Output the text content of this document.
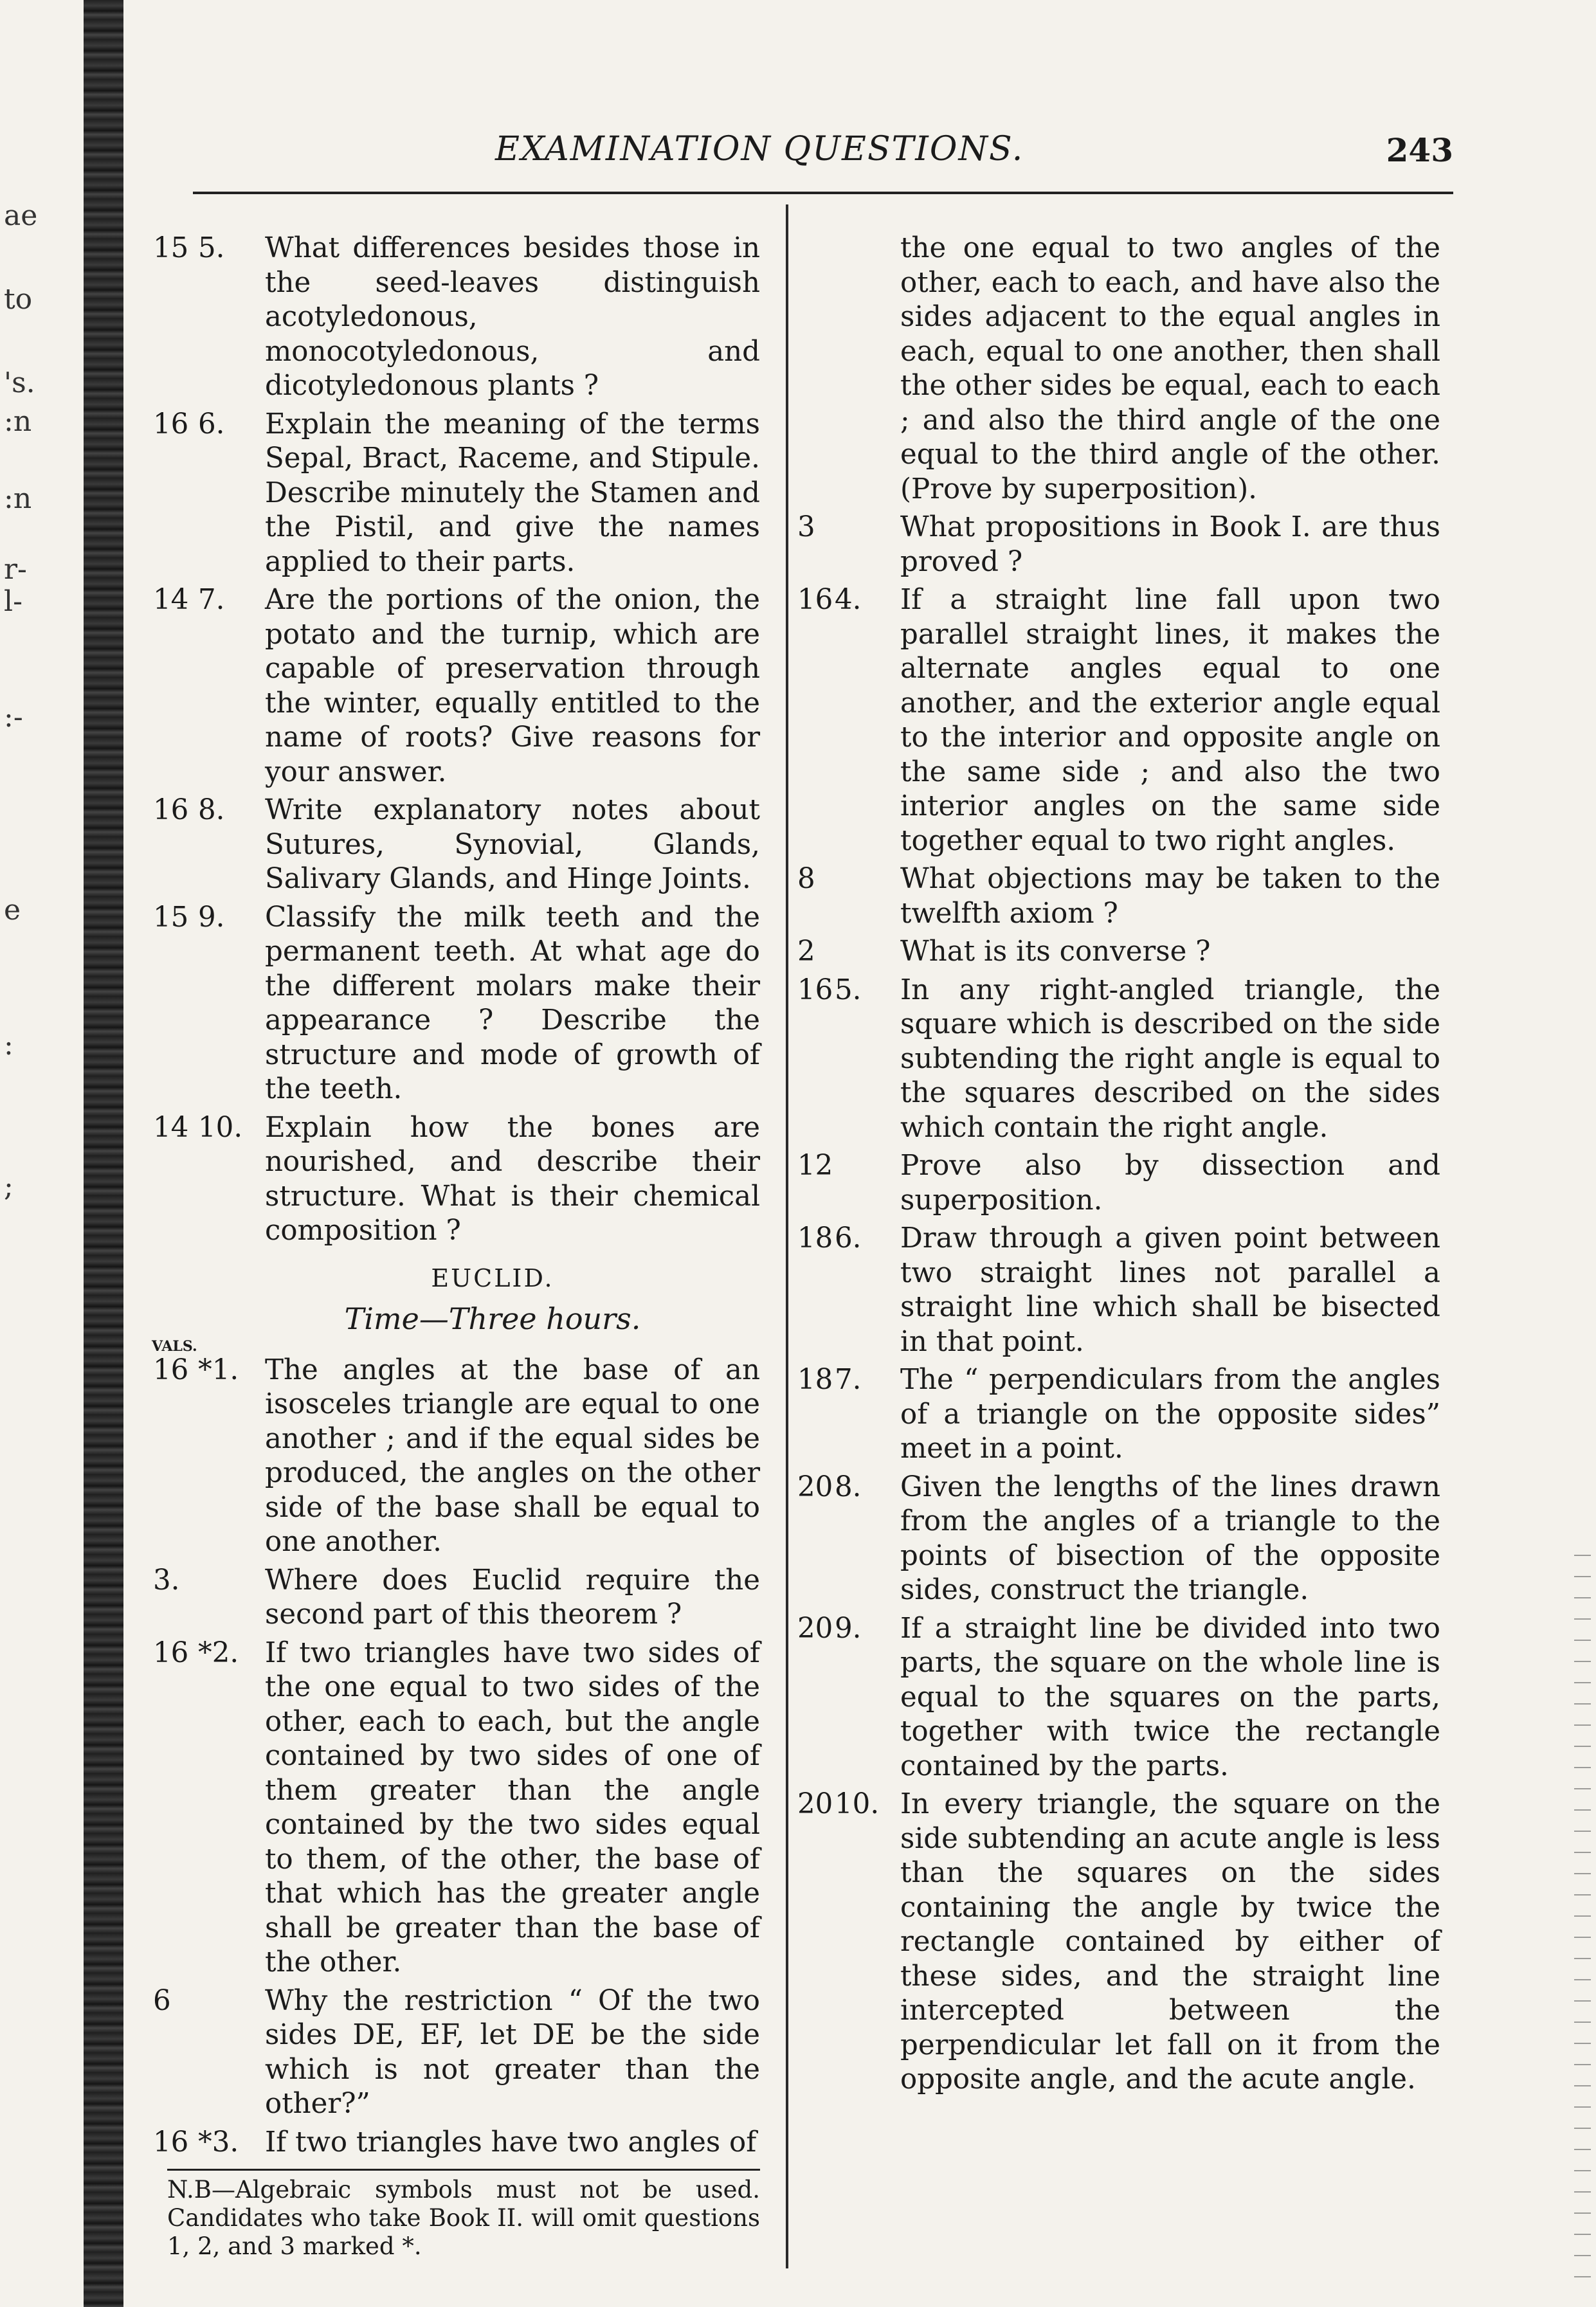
ae
to
's.
:n
:n
r-
l-
:-
e
:
;
EXAMINATION QUESTIONS.	243
15 5. What differences besides those in the seed-leaves distinguish acotyledonous, monocotyledonous, and dicotyledonous plants ?
16 6. Explain the meaning of the terms Sepal, Bract, Raceme, and Stipule. Describe minutely the Stamen and the Pistil, and give the names applied to their parts.
14 7. Are the portions of the onion, the potato and the turnip, which are capable of preservation through the winter, equally entitled to the name of roots? Give reasons for your answer.
16 8. Write explanatory notes about Sutures, Synovial, Glands, Salivary Glands, and Hinge Joints.
15 9. Classify the milk teeth and the permanent teeth. At what age do the different molars make their appearance ? Describe the structure and mode of growth of the teeth.
14 10. Explain how the bones are nourished, and describe their structure. What is their chemical composition ?
EUCLID.
Time—Three hours.
VALS.
16 *1. The angles at the base of an isosceles triangle are equal to one another ; and if the equal sides be produced, the angles on the other side of the base shall be equal to one another.
3.	Where does Euclid require the second part of this theorem ?
16 *2. If two triangles have two sides of the one equal to two sides of the other, each to each, but the angle contained by two sides of one of them greater than the angle contained by the two sides equal to them, of the other, the base of that which has the greater angle shall be greater than the base of the other.
6	Why the restriction “ Of the two sides DE, EF, let DE be the side which is not greater than the other?”
16 *3. If two triangles have two angles of
N.B—Algebraic symbols must not be used. Candidates who take Book II. will omit questions 1, 2, and 3 marked *.
the one equal to two angles of the other, each to each, and have also the sides adjacent to the equal angles in each, equal to one another, then shall the other sides be equal, each to each ; and also the third angle of the one equal to the third angle of the other. (Prove by superposition).
3	What propositions in Book I. are thus proved ?
16 4. If a straight line fall upon two parallel straight lines, it makes the alternate angles equal to one another, and the exterior angle equal to the interior and opposite angle on the same side ; and also the two interior angles on the same side together equal to two right angles.
8	What objections may be taken to the twelfth axiom ?
2	What is its converse ?
16 5. In any right-angled triangle, the square which is described on the side subtending the right angle is equal to the squares described on the sides which contain the right angle.
12 Prove also by dissection and superposition.
18 6. Draw through a given point between two straight lines not parallel a straight line which shall be bisected in that point.
18 7. The “ perpendiculars from the angles of a triangle on the opposite sides” meet in a point.
20 8. Given the lengths of the lines drawn from the angles of a triangle to the points of bisection of the opposite sides, construct the triangle.
20 9. If a straight line be divided into two parts, the square on the whole line is equal to the squares on the parts, together with twice the rectangle contained by the parts.
20 10. In every triangle, the square on the side subtending an acute angle is less than the squares on the sides containing the angle by twice the rectangle contained by either of these sides, and the straight line intercepted between the perpendicular let fall on it from the opposite angle, and the acute angle.
